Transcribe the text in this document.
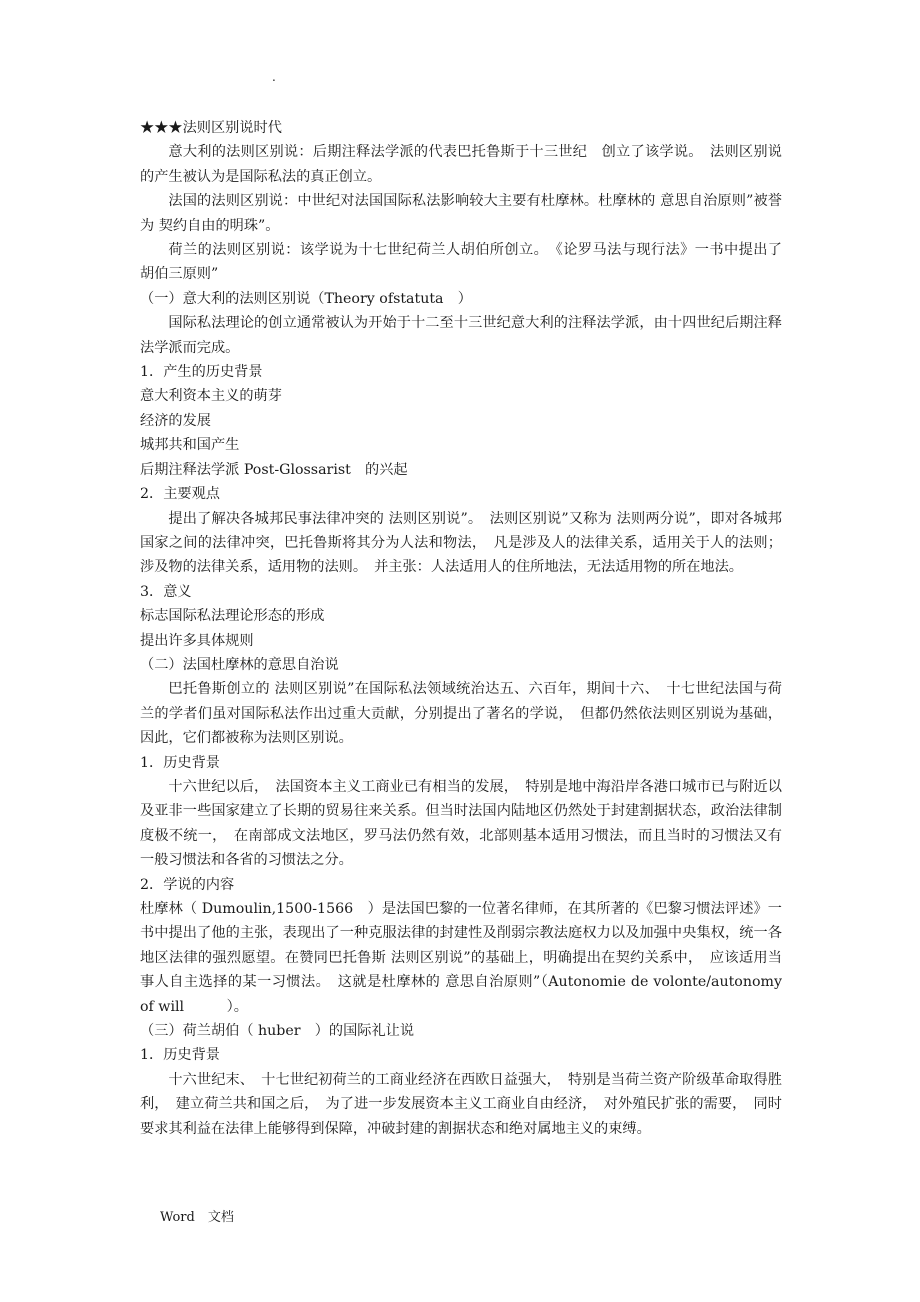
.

★★★法则区别说时代

意大利的法则区别说：后期注释法学派的代表巴托鲁斯于十三世纪　创立了该学说。　法则区别说的产生被认为是国际私法的真正创立。

法国的法则区别说：中世纪对法国国际私法影响较大主要有杜摩林。杜摩林的 意思自治原则”被誉为 契约自由的明珠”。

荷兰的法则区别说：该学说为十七世纪荷兰人胡伯所创立。　《论罗马法与现行法》一书中提出了 胡伯三原则”

（一）意大利的法则区别说（Theory ofstatuta　）

国际私法理论的创立通常被认为开始于十二至十三世纪意大利的注释法学派，由十四世纪后期注释法学派而完成。

1．产生的历史背景

意大利资本主义的萌芽

经济的发展

城邦共和国产生

后期注释法学派 Post-Glossarist　的兴起

2．主要观点

提出了解决各城邦民事法律冲突的 法则区别说”。　法则区别说”又称为 法则两分说”，即对各城邦国家之间的法律冲突，巴托鲁斯将其分为人法和物法，　凡是涉及人的法律关系，适用关于人的法则；涉及物的法律关系，适用物的法则。　并主张：人法适用人的住所地法，无法适用物的所在地法。

3．意义

标志国际私法理论形态的形成

提出许多具体规则

（二）法国杜摩林的意思自治说

巴托鲁斯创立的 法则区别说”在国际私法领域统治达五、六百年，期间十六、　十七世纪法国与荷兰的学者们虽对国际私法作出过重大贡献，分别提出了著名的学说，　但都仍然依法则区别说为基础，因此，它们都被称为法则区别说。

1．历史背景

十六世纪以后，　法国资本主义工商业已有相当的发展，　特别是地中海沿岸各港口城市已与附近以及亚非一些国家建立了长期的贸易往来关系。但当时法国内陆地区仍然处于封建割据状态，政治法律制度极不统一，　在南部成文法地区，罗马法仍然有效，北部则基本适用习惯法，而且当时的习惯法又有一般习惯法和各省的习惯法之分。

2．学说的内容

杜摩林（ Dumoulin,1500-1566　）是法国巴黎的一位著名律师，在其所著的《巴黎习惯法评述》一书中提出了他的主张，表现出了一种克服法律的封建性及削弱宗教法庭权力以及加强中央集权，统一各地区法律的强烈愿望。在赞同巴托鲁斯 法则区别说”的基础上，明确提出在契约关系中，　应该适用当事人自主选择的某一习惯法。　这就是杜摩林的 意思自治原则”（Autonomie de volonte/autonomy of will　　　）。

（三）荷兰胡伯（ huber　）的国际礼让说

1．历史背景

十六世纪末、　十七世纪初荷兰的工商业经济在西欧日益强大，　特别是当荷兰资产阶级革命取得胜利，　建立荷兰共和国之后，　为了进一步发展资本主义工商业自由经济，　对外殖民扩张的需要，　同时要求其利益在法律上能够得到保障，冲破封建的割据状态和绝对属地主义的束缚。

Word　文档
